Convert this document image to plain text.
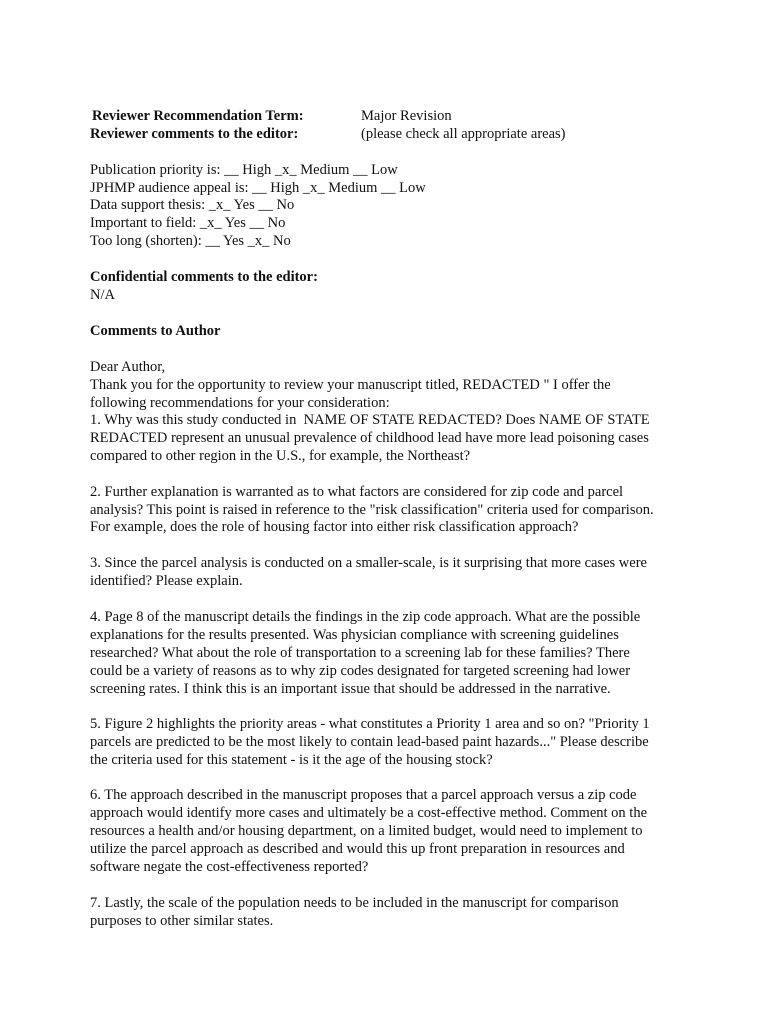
Reviewer Recommendation Term:	Major Revision
Reviewer comments to the editor:	(please check all appropriate areas)
Publication priority is: __ High _x_ Medium __ Low
JPHMP audience appeal is: __ High _x_ Medium __ Low
Data support thesis: _x_ Yes __ No
Important to field: _x_ Yes __ No
Too long (shorten): __ Yes _x_ No
Confidential comments to the editor:
N/A
Comments to Author
Dear Author,
Thank you for the opportunity to review your manuscript titled, REDACTED " I offer the
following recommendations for your consideration:
1. Why was this study conducted in  NAME OF STATE REDACTED? Does NAME OF STATE
REDACTED represent an unusual prevalence of childhood lead have more lead poisoning cases
compared to other region in the U.S., for example, the Northeast?
2. Further explanation is warranted as to what factors are considered for zip code and parcel
analysis? This point is raised in reference to the "risk classification" criteria used for comparison.
For example, does the role of housing factor into either risk classification approach?
3. Since the parcel analysis is conducted on a smaller-scale, is it surprising that more cases were
identified? Please explain.
4. Page 8 of the manuscript details the findings in the zip code approach. What are the possible
explanations for the results presented. Was physician compliance with screening guidelines
researched? What about the role of transportation to a screening lab for these families? There
could be a variety of reasons as to why zip codes designated for targeted screening had lower
screening rates. I think this is an important issue that should be addressed in the narrative.
5. Figure 2 highlights the priority areas - what constitutes a Priority 1 area and so on? "Priority 1
parcels are predicted to be the most likely to contain lead-based paint hazards..." Please describe
the criteria used for this statement - is it the age of the housing stock?
6. The approach described in the manuscript proposes that a parcel approach versus a zip code
approach would identify more cases and ultimately be a cost-effective method. Comment on the
resources a health and/or housing department, on a limited budget, would need to implement to
utilize the parcel approach as described and would this up front preparation in resources and
software negate the cost-effectiveness reported?
7. Lastly, the scale of the population needs to be included in the manuscript for comparison
purposes to other similar states.
